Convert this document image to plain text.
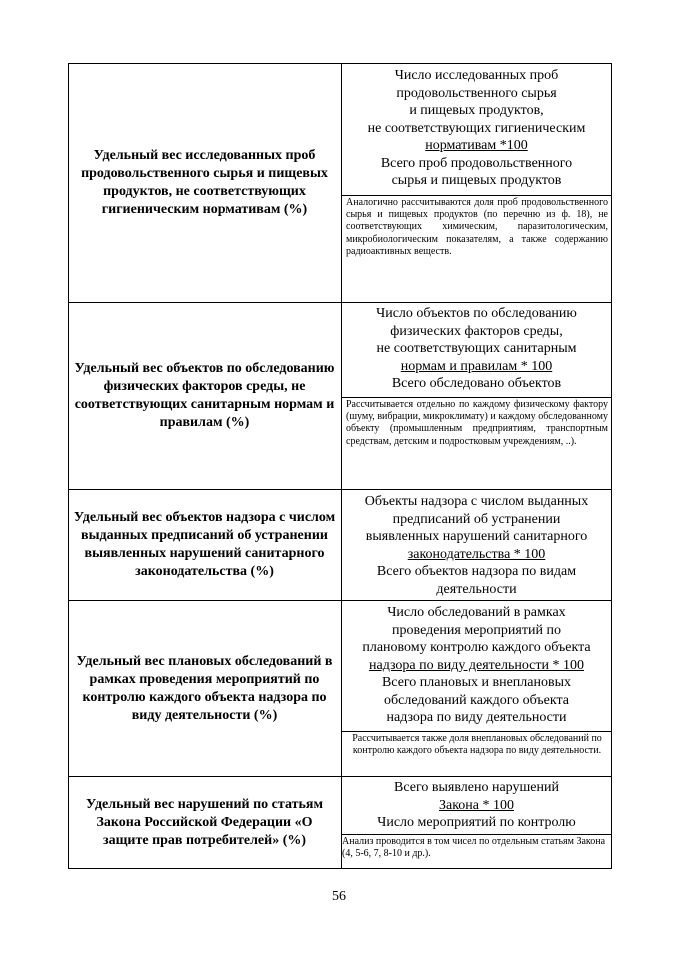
Удельный вес исследованных проб продовольственного сырья и пищевых продуктов, не соответствующих гигиеническим нормативам (%)
Число исследованных проб
продовольственного сырья
и пищевых продуктов,
не соответствующих гигиеническим
нормативам *100
Всего проб продовольственного
сырья и пищевых продуктов
Аналогично рассчитываются доля проб продовольственного сырья и пищевых продуктов (по перечню из ф. 18), не соответствующих химическим, паразитологическим, микробиологическим показателям, а также содержанию радиоактивных веществ.
Удельный вес объектов по обследованию физических факторов среды, не соответствующих санитарным нормам и правилам (%)
Число объектов по обследованию
физических факторов среды,
не соответствующих санитарным
нормам и правилам * 100
Всего обследовано объектов
Рассчитывается отдельно по каждому физическому фактору (шуму, вибрации, микроклимату) и каждому обследованному объекту (промышленным предприятиям, транспортным средствам, детским и подростковым учреждениям, ..).
Удельный вес объектов надзора с числом выданных предписаний об устранении выявленных нарушений санитарного законодательства (%)
Объекты надзора с числом выданных
предписаний об устранении
выявленных нарушений санитарного
законодательства * 100
Всего объектов надзора по видам
деятельности
Удельный вес плановых обследований в рамках проведения мероприятий по контролю каждого объекта надзора по виду деятельности (%)
Число обследований в рамках
проведения мероприятий по
плановому контролю каждого объекта
надзора по виду деятельности * 100
Всего плановых и внеплановых
обследований каждого объекта
надзора по виду деятельности
Рассчитывается также доля внеплановых обследований по контролю каждого объекта надзора по виду деятельности.
Удельный вес нарушений по статьям Закона Российской Федерации «О защите прав потребителей» (%)
Всего выявлено нарушений
Закона * 100
Число мероприятий по контролю
Анализ проводится в том чисел по отдельным статьям Закона (4, 5-6, 7, 8-10 и др.).
56
